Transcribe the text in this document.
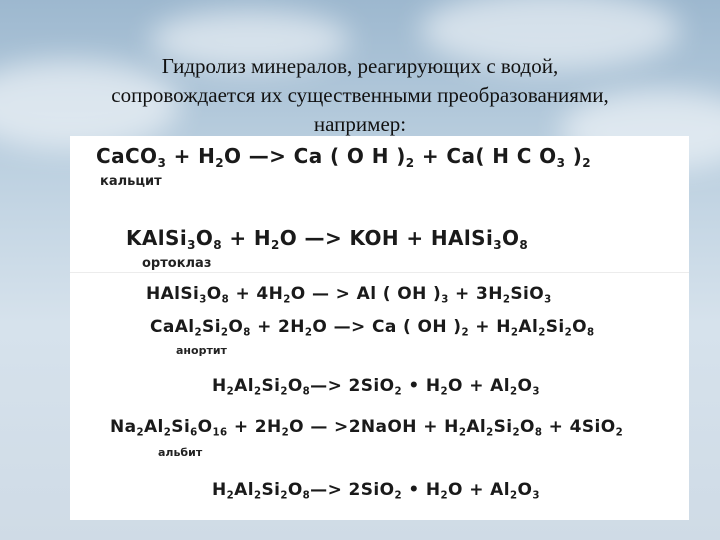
Гидролиз минералов, реагирующих с водой,
сопровождается их существенными преобразованиями,
например:
CaCO$_3$ + $H_2O$ —> Ca ( O H )$_2 + Ca$( H C $O_3$ )$_2$
кальцит
$KAlSi_3O_8 + H_2O$ —> KOH + $HAlSi_3O_8$
ортоклаз
$HAlSi_3O_8 + 4H_2O$ — > Al ( OH )$_3 + 3H_2SiO_3$
$CaAl_2Si_2O_8 + 2H_2O$ —> Ca ( OH )$_2 + H_2Al_2Si_2O_8$
анортит
$H_2Al_2Si_2O_8—> 2SiO_2$ • $H_2O + Al_2O_3$
$Na_2Al_2Si_6O_{16} + 2H_2O$ — >2NaOH + $H_2Al_2Si_2O_8 + 4SiO_2$
альбит
$H_2Al_2Si_2O_8—> 2SiO_2$ • $H_2O + Al_2O_3$
